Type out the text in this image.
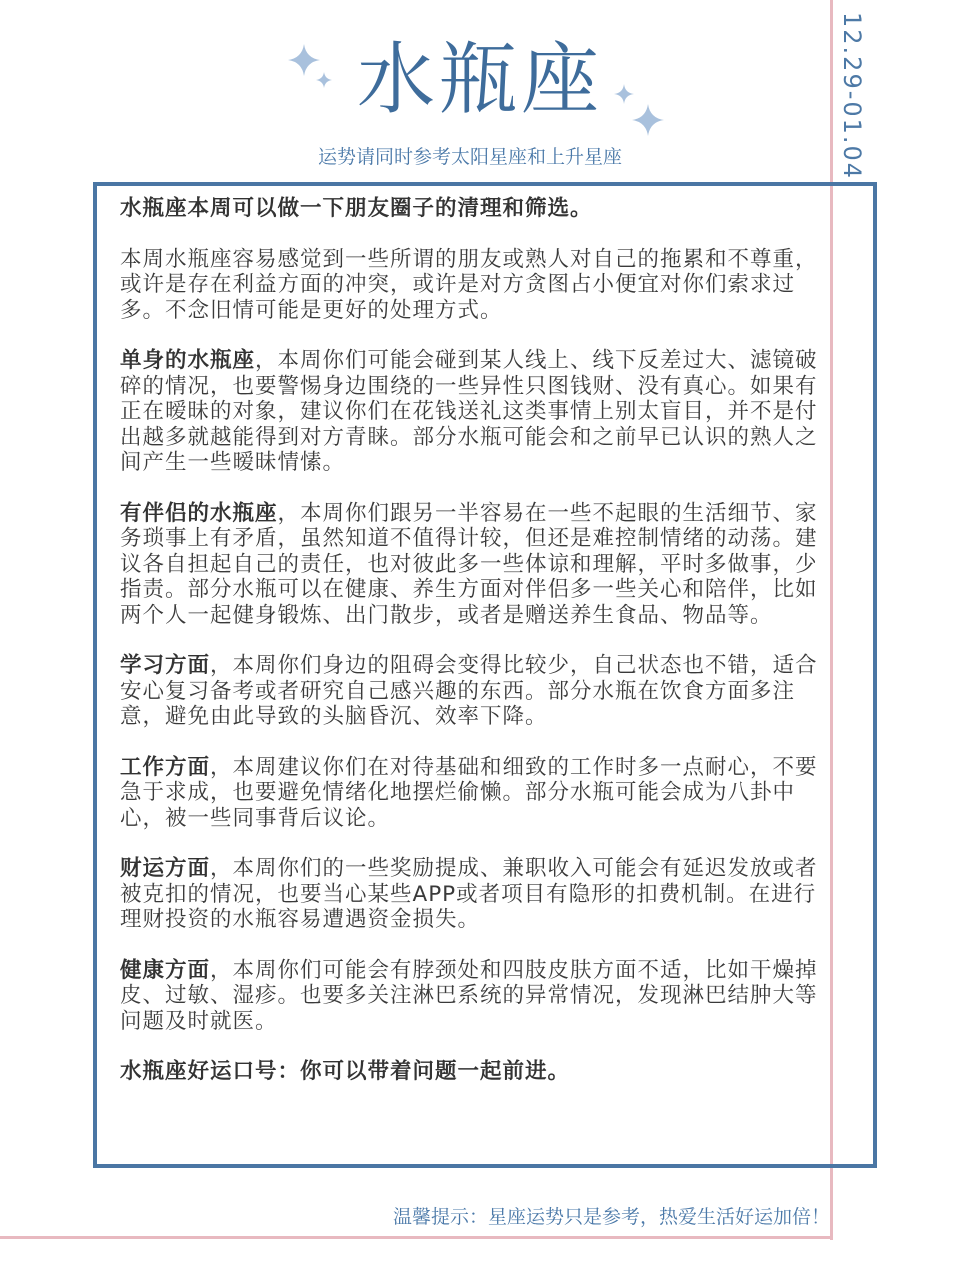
12.29-01.04
水瓶座
运势请同时参考太阳星座和上升星座

水瓶座本周可以做一下朋友圈子的清理和筛选。

本周水瓶座容易感觉到一些所谓的朋友或熟人对自己的拖累和不尊重，或许是存在利益方面的冲突，或许是对方贪图占小便宜对你们索求过多。不念旧情可能是更好的处理方式。

单身的水瓶座，本周你们可能会碰到某人线上、线下反差过大、滤镜破碎的情况，也要警惕身边围绕的一些异性只图钱财、没有真心。如果有正在暧昧的对象，建议你们在花钱送礼这类事情上别太盲目，并不是付出越多就越能得到对方青睐。部分水瓶可能会和之前早已认识的熟人之间产生一些暧昧情愫。

有伴侣的水瓶座，本周你们跟另一半容易在一些不起眼的生活细节、家务琐事上有矛盾，虽然知道不值得计较，但还是难控制情绪的动荡。建议各自担起自己的责任，也对彼此多一些体谅和理解，平时多做事，少指责。部分水瓶可以在健康、养生方面对伴侣多一些关心和陪伴，比如两个人一起健身锻炼、出门散步，或者是赠送养生食品、物品等。

学习方面，本周你们身边的阻碍会变得比较少，自己状态也不错，适合安心复习备考或者研究自己感兴趣的东西。部分水瓶在饮食方面多注意，避免由此导致的头脑昏沉、效率下降。

工作方面，本周建议你们在对待基础和细致的工作时多一点耐心，不要急于求成，也要避免情绪化地摆烂偷懒。部分水瓶可能会成为八卦中心，被一些同事背后议论。

财运方面，本周你们的一些奖励提成、兼职收入可能会有延迟发放或者被克扣的情况，也要当心某些APP或者项目有隐形的扣费机制。在进行理财投资的水瓶容易遭遇资金损失。

健康方面，本周你们可能会有脖颈处和四肢皮肤方面不适，比如干燥掉皮、过敏、湿疹。也要多关注淋巴系统的异常情况，发现淋巴结肿大等问题及时就医。

水瓶座好运口号：你可以带着问题一起前进。

温馨提示：星座运势只是参考，热爱生活好运加倍！
